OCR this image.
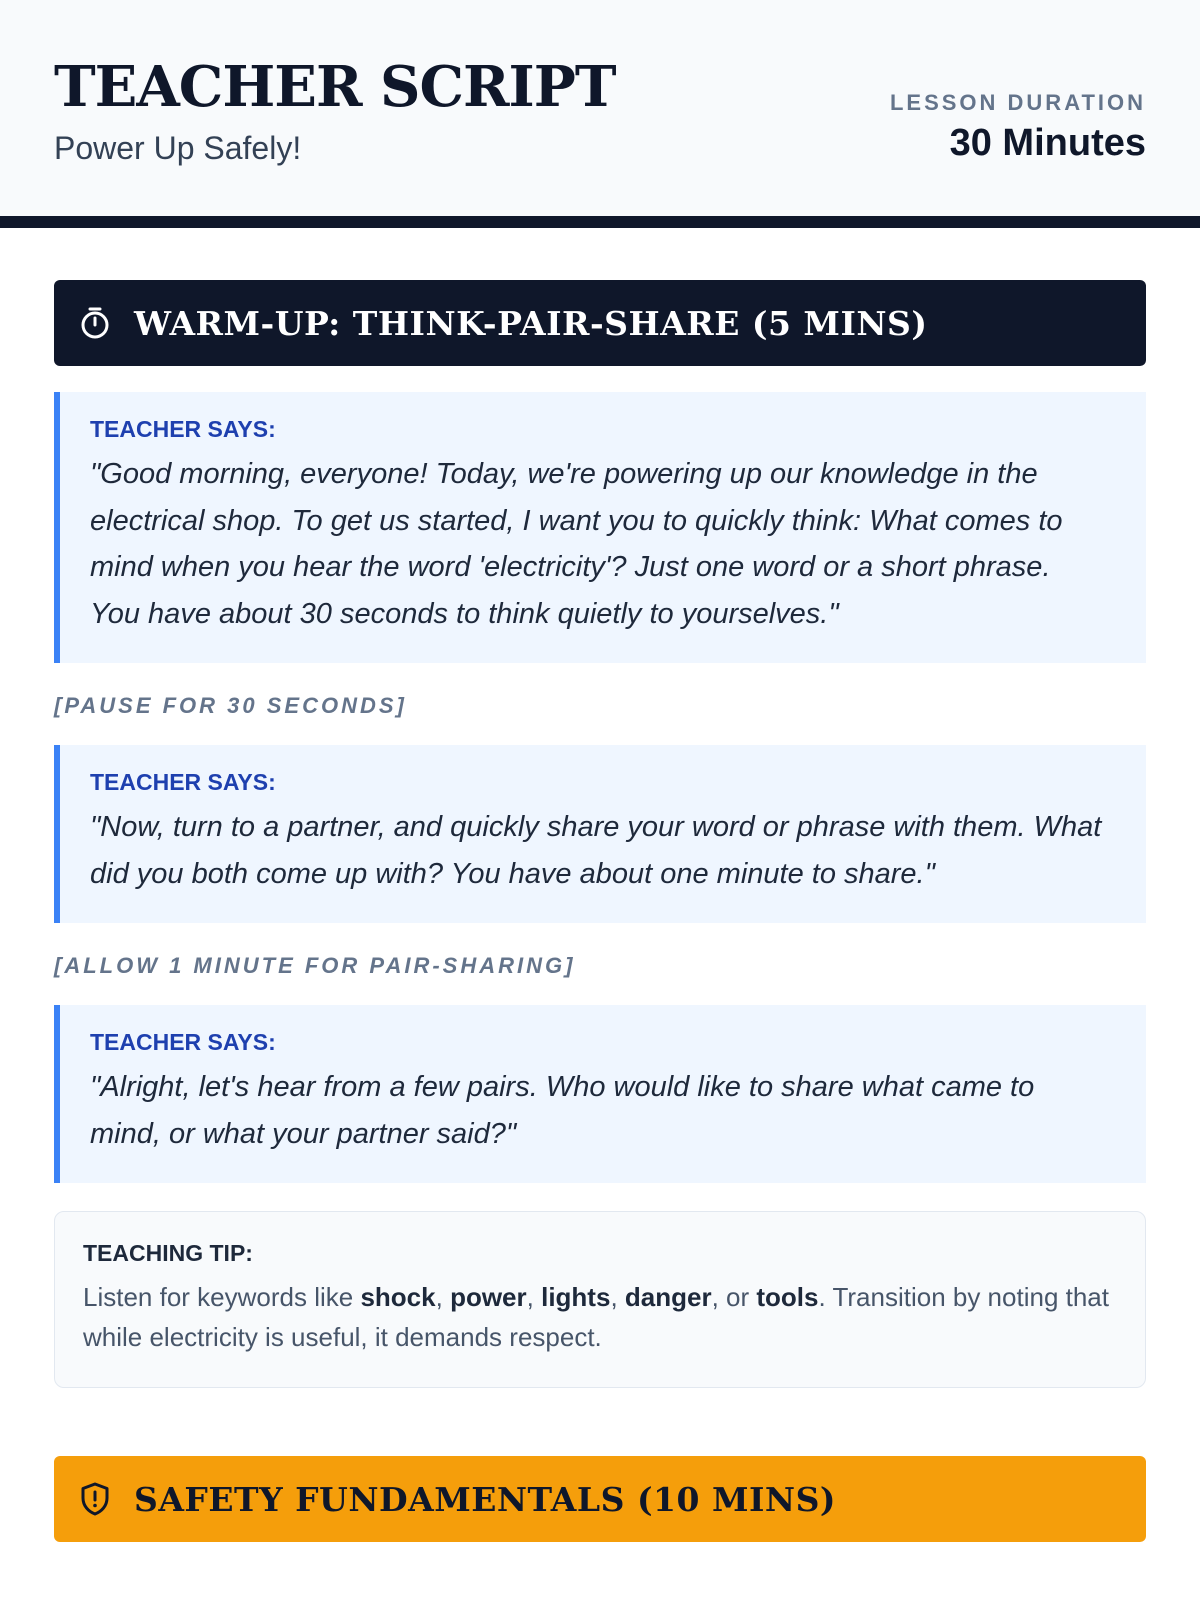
TEACHER SCRIPT
Power Up Safely!
LESSON DURATION
30 Minutes
WARM-UP: THINK-PAIR-SHARE (5 MINS)
TEACHER SAYS:
"Good morning, everyone! Today, we're powering up our knowledge in the electrical shop. To get us started, I want you to quickly think: What comes to mind when you hear the word 'electricity'? Just one word or a short phrase. You have about 30 seconds to think quietly to yourselves."
[PAUSE FOR 30 SECONDS]
TEACHER SAYS:
"Now, turn to a partner, and quickly share your word or phrase with them. What did you both come up with? You have about one minute to share."
[ALLOW 1 MINUTE FOR PAIR-SHARING]
TEACHER SAYS:
"Alright, let's hear from a few pairs. Who would like to share what came to mind, or what your partner said?"
TEACHING TIP:
Listen for keywords like shock, power, lights, danger, or tools. Transition by noting that while electricity is useful, it demands respect.
SAFETY FUNDAMENTALS (10 MINS)
